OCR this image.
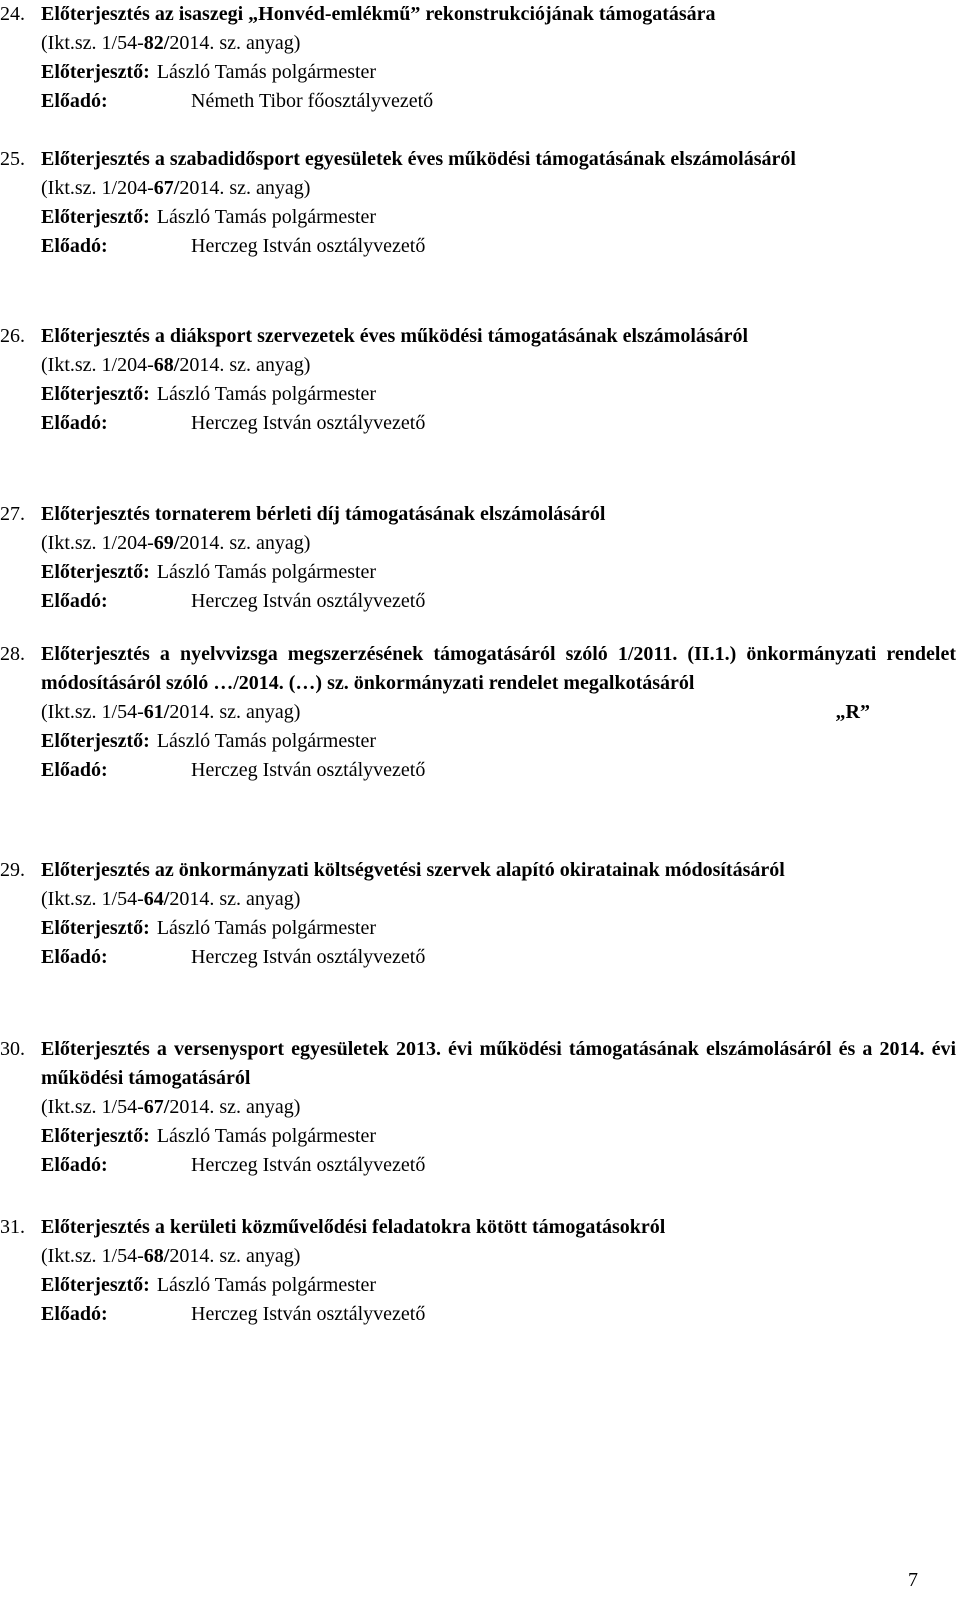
24. Előterjesztés az isaszegi „Honvéd-emlékmű” rekonstrukciójának támogatására
(Ikt.sz. 1/54-82/2014. sz. anyag)
Előterjesztő: László Tamás polgármester
Előadó:	Németh Tibor főosztályvezető
25. Előterjesztés a szabadidősport egyesületek éves működési támogatásának elszámolásáról
(Ikt.sz. 1/204-67/2014. sz. anyag)
Előterjesztő: László Tamás polgármester
Előadó:	Herczeg István osztályvezető
26. Előterjesztés a diáksport szervezetek éves működési támogatásának elszámolásáról
(Ikt.sz. 1/204-68/2014. sz. anyag)
Előterjesztő: László Tamás polgármester
Előadó:	Herczeg István osztályvezető
27. Előterjesztés tornaterem bérleti díj támogatásának elszámolásáról
(Ikt.sz. 1/204-69/2014. sz. anyag)
Előterjesztő: László Tamás polgármester
Előadó:	Herczeg István osztályvezető
28. Előterjesztés a nyelvvizsga megszerzésének támogatásáról szóló 1/2011. (II.1.) önkormányzati rendelet módosításáról szóló …/2014. (…) sz. önkormányzati rendelet megalkotásáról
„R”
(Ikt.sz. 1/54-61/2014. sz. anyag)
Előterjesztő: László Tamás polgármester
Előadó:	Herczeg István osztályvezető
29. Előterjesztés az önkormányzati költségvetési szervek alapító okiratainak módosításáról
(Ikt.sz. 1/54-64/2014. sz. anyag)
Előterjesztő: László Tamás polgármester
Előadó:	Herczeg István osztályvezető
30. Előterjesztés a versenysport egyesületek 2013. évi működési támogatásának elszámolásáról és a 2014. évi működési támogatásáról
(Ikt.sz. 1/54-67/2014. sz. anyag)
Előterjesztő: László Tamás polgármester
Előadó:	Herczeg István osztályvezető
31. Előterjesztés a kerületi közművelődési feladatokra kötött támogatásokról
(Ikt.sz. 1/54-68/2014. sz. anyag)
Előterjesztő: László Tamás polgármester
Előadó:	Herczeg István osztályvezető
7
